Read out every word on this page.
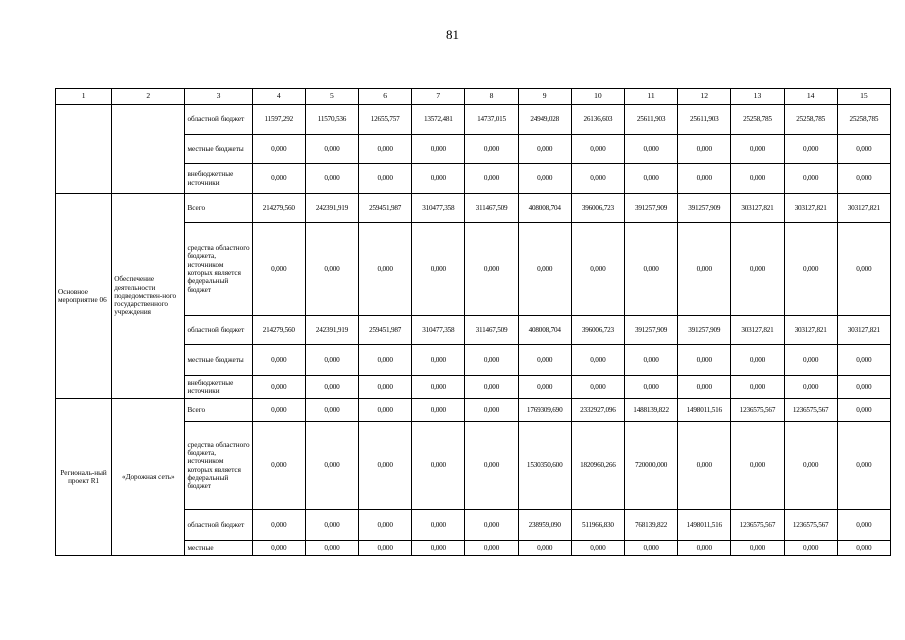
81
1	2	3	4	5	6	7	8	9	10	11	12	13	14	15
		областной бюджет	11597,292	11570,536	12655,757	13572,481	14737,015	24949,028	26136,603	25611,903	25611,903	25258,785	25258,785	25258,785
		местные бюджеты	0,000	0,000	0,000	0,000	0,000	0,000	0,000	0,000	0,000	0,000	0,000	0,000
		внебюджетные источники	0,000	0,000	0,000	0,000	0,000	0,000	0,000	0,000	0,000	0,000	0,000	0,000
Основное мероприятие 06	Обеспечение деятельности подведомствен-ного государственного учреждения	Всего	214279,560	242391,919	259451,987	310477,358	311467,509	408008,704	396006,723	391257,909	391257,909	303127,821	303127,821	303127,821
		средства областного бюджета, источником которых является федеральный бюджет	0,000	0,000	0,000	0,000	0,000	0,000	0,000	0,000	0,000	0,000	0,000	0,000
		областной бюджет	214279,560	242391,919	259451,987	310477,358	311467,509	408008,704	396006,723	391257,909	391257,909	303127,821	303127,821	303127,821
		местные бюджеты	0,000	0,000	0,000	0,000	0,000	0,000	0,000	0,000	0,000	0,000	0,000	0,000
		внебюджетные источники	0,000	0,000	0,000	0,000	0,000	0,000	0,000	0,000	0,000	0,000	0,000	0,000
Региональ-ный проект R1	«Дорожная сеть»	Всего	0,000	0,000	0,000	0,000	0,000	1769309,690	2332927,096	1488139,822	1498011,516	1236575,567	1236575,567	0,000
		средства областного бюджета, источником которых является федеральный бюджет	0,000	0,000	0,000	0,000	0,000	1530350,600	1820960,266	720000,000	0,000	0,000	0,000	0,000
		областной бюджет	0,000	0,000	0,000	0,000	0,000	238959,090	511966,830	768139,822	1498011,516	1236575,567	1236575,567	0,000
		местные	0,000	0,000	0,000	0,000	0,000	0,000	0,000	0,000	0,000	0,000	0,000	0,000
